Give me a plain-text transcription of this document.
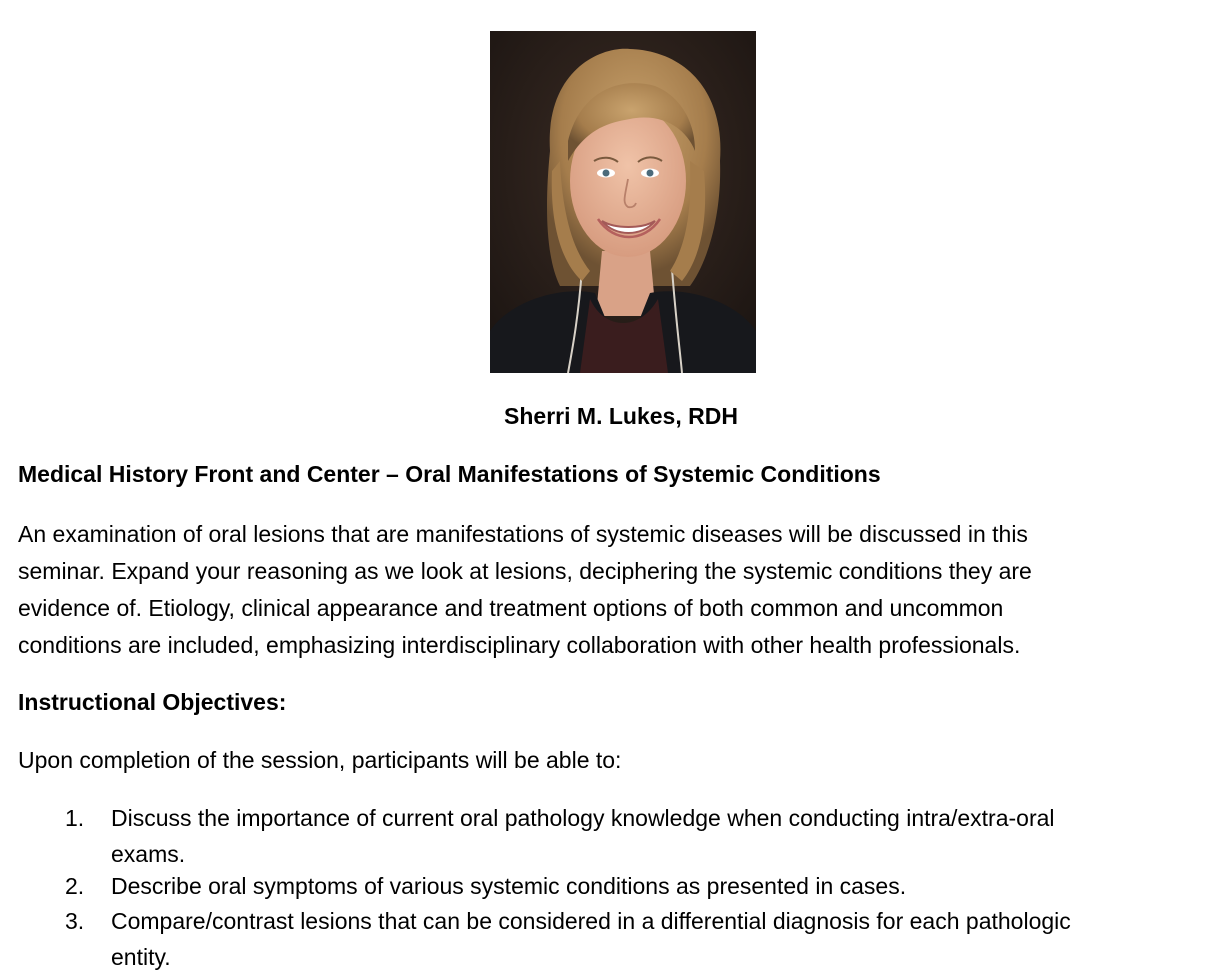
Sherri M. Lukes, RDH
Medical History Front and Center – Oral Manifestations of Systemic Conditions
An examination of oral lesions that are manifestations of systemic diseases will be discussed in this
seminar. Expand your reasoning as we look at lesions, deciphering the systemic conditions they are
evidence of. Etiology, clinical appearance and treatment options of both common and uncommon
conditions are included, emphasizing interdisciplinary collaboration with other health professionals.
Instructional Objectives:
Upon completion of the session, participants will be able to:
1.	Discuss the importance of current oral pathology knowledge when conducting intra/extra-oral
exams.
2.	Describe oral symptoms of various systemic conditions as presented in cases.
3.	Compare/contrast lesions that can be considered in a differential diagnosis for each pathologic
entity.
